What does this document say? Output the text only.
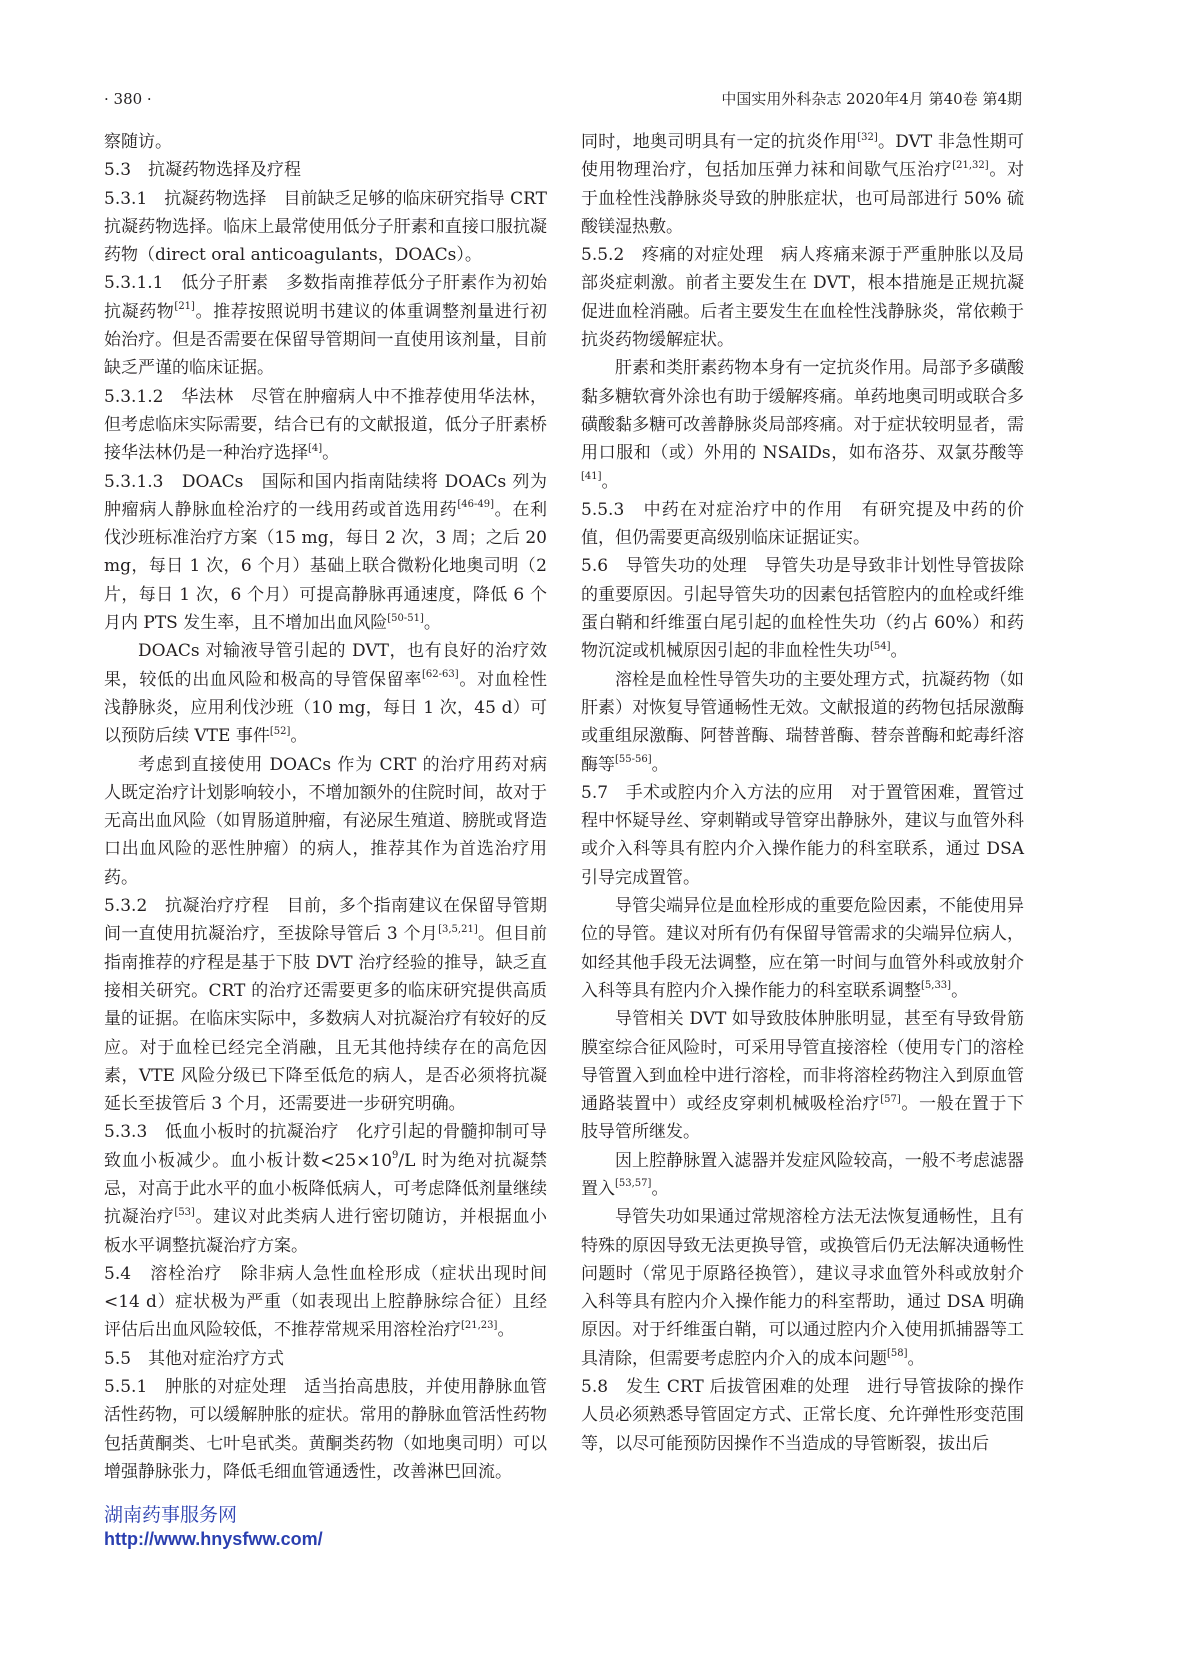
· 380 ·	中国实用外科杂志 2020年4月 第40卷 第4期

察随访。

5.3　抗凝药物选择及疗程

5.3.1　抗凝药物选择　目前缺乏足够的临床研究指导 CRT 抗凝药物选择。临床上最常使用低分子肝素和直接口服抗凝药物（direct oral anticoagulants，DOACs）。

5.3.1.1　低分子肝素　多数指南推荐低分子肝素作为初始抗凝药物[21]。推荐按照说明书建议的体重调整剂量进行初始治疗。但是否需要在保留导管期间一直使用该剂量，目前缺乏严谨的临床证据。

5.3.1.2　华法林　尽管在肿瘤病人中不推荐使用华法林，但考虑临床实际需要，结合已有的文献报道，低分子肝素桥接华法林仍是一种治疗选择[4]。

5.3.1.3　DOACs　国际和国内指南陆续将 DOACs 列为肿瘤病人静脉血栓治疗的一线用药或首选用药[46-49]。在利伐沙班标准治疗方案（15 mg，每日 2 次，3 周；之后 20 mg，每日 1 次，6 个月）基础上联合微粉化地奥司明（2 片，每日 1 次，6 个月）可提高静脉再通速度，降低 6 个月内 PTS 发生率，且不增加出血风险[50-51]。

DOACs 对输液导管引起的 DVT，也有良好的治疗效果，较低的出血风险和极高的导管保留率[62-63]。对血栓性浅静脉炎，应用利伐沙班（10 mg，每日 1 次，45 d）可以预防后续 VTE 事件[52]。

考虑到直接使用 DOACs 作为 CRT 的治疗用药对病人既定治疗计划影响较小，不增加额外的住院时间，故对于无高出血风险（如胃肠道肿瘤，有泌尿生殖道、膀胱或肾造口出血风险的恶性肿瘤）的病人，推荐其作为首选治疗用药。

5.3.2　抗凝治疗疗程　目前，多个指南建议在保留导管期间一直使用抗凝治疗，至拔除导管后 3 个月[3,5,21]。但目前指南推荐的疗程是基于下肢 DVT 治疗经验的推导，缺乏直接相关研究。CRT 的治疗还需要更多的临床研究提供高质量的证据。在临床实际中，多数病人对抗凝治疗有较好的反应。对于血栓已经完全消融，且无其他持续存在的高危因素，VTE 风险分级已下降至低危的病人，是否必须将抗凝延长至拔管后 3 个月，还需要进一步研究明确。

5.3.3　低血小板时的抗凝治疗　化疗引起的骨髓抑制可导致血小板减少。血小板计数$<25\times 10^9/L$ 时为绝对抗凝禁忌，对高于此水平的血小板降低病人，可考虑降低剂量继续抗凝治疗[53]。建议对此类病人进行密切随访，并根据血小板水平调整抗凝治疗方案。

5.4　溶栓治疗　除非病人急性血栓形成（症状出现时间<14 d）症状极为严重（如表现出上腔静脉综合征）且经评估后出血风险较低，不推荐常规采用溶栓治疗[21,23]。

5.5　其他对症治疗方式

5.5.1　肿胀的对症处理　适当抬高患肢，并使用静脉血管活性药物，可以缓解肿胀的症状。常用的静脉血管活性药物包括黄酮类、七叶皂甙类。黄酮类药物（如地奥司明）可以增强静脉张力，降低毛细血管通透性，改善淋巴回流。

同时，地奥司明具有一定的抗炎作用[32]。DVT 非急性期可使用物理治疗，包括加压弹力袜和间歇气压治疗[21,32]。对于血栓性浅静脉炎导致的肿胀症状，也可局部进行 50% 硫酸镁湿热敷。

5.5.2　疼痛的对症处理　病人疼痛来源于严重肿胀以及局部炎症刺激。前者主要发生在 DVT，根本措施是正规抗凝促进血栓消融。后者主要发生在血栓性浅静脉炎，常依赖于抗炎药物缓解症状。

肝素和类肝素药物本身有一定抗炎作用。局部予多磺酸黏多糖软膏外涂也有助于缓解疼痛。单药地奥司明或联合多磺酸黏多糖可改善静脉炎局部疼痛。对于症状较明显者，需用口服和（或）外用的 NSAIDs，如布洛芬、双氯芬酸等[41]。

5.5.3　中药在对症治疗中的作用　有研究提及中药的价值，但仍需要更高级别临床证据证实。

5.6　导管失功的处理　导管失功是导致非计划性导管拔除的重要原因。引起导管失功的因素包括管腔内的血栓或纤维蛋白鞘和纤维蛋白尾引起的血栓性失功（约占 60%）和药物沉淀或机械原因引起的非血栓性失功[54]。

溶栓是血栓性导管失功的主要处理方式，抗凝药物（如肝素）对恢复导管通畅性无效。文献报道的药物包括尿激酶或重组尿激酶、阿替普酶、瑞替普酶、替奈普酶和蛇毒纤溶酶等[55-56]。

5.7　手术或腔内介入方法的应用　对于置管困难，置管过程中怀疑导丝、穿刺鞘或导管穿出静脉外，建议与血管外科或介入科等具有腔内介入操作能力的科室联系，通过 DSA 引导完成置管。

导管尖端异位是血栓形成的重要危险因素，不能使用异位的导管。建议对所有仍有保留导管需求的尖端异位病人，如经其他手段无法调整，应在第一时间与血管外科或放射介入科等具有腔内介入操作能力的科室联系调整[5,33]。

导管相关 DVT 如导致肢体肿胀明显，甚至有导致骨筋膜室综合征风险时，可采用导管直接溶栓（使用专门的溶栓导管置入到血栓中进行溶栓，而非将溶栓药物注入到原血管通路装置中）或经皮穿刺机械吸栓治疗[57]。一般在置于下肢导管所继发。

因上腔静脉置入滤器并发症风险较高，一般不考虑滤器置入[53,57]。

导管失功如果通过常规溶栓方法无法恢复通畅性，且有特殊的原因导致无法更换导管，或换管后仍无法解决通畅性问题时（常见于原路径换管），建议寻求血管外科或放射介入科等具有腔内介入操作能力的科室帮助，通过 DSA 明确原因。对于纤维蛋白鞘，可以通过腔内介入使用抓捕器等工具清除，但需要考虑腔内介入的成本问题[58]。

5.8　发生 CRT 后拔管困难的处理　进行导管拔除的操作人员必须熟悉导管固定方式、正常长度、允许弹性形变范围等，以尽可能预防因操作不当造成的导管断裂，拔出后

湖南药事服务网
http://www.hnysfww.com/
